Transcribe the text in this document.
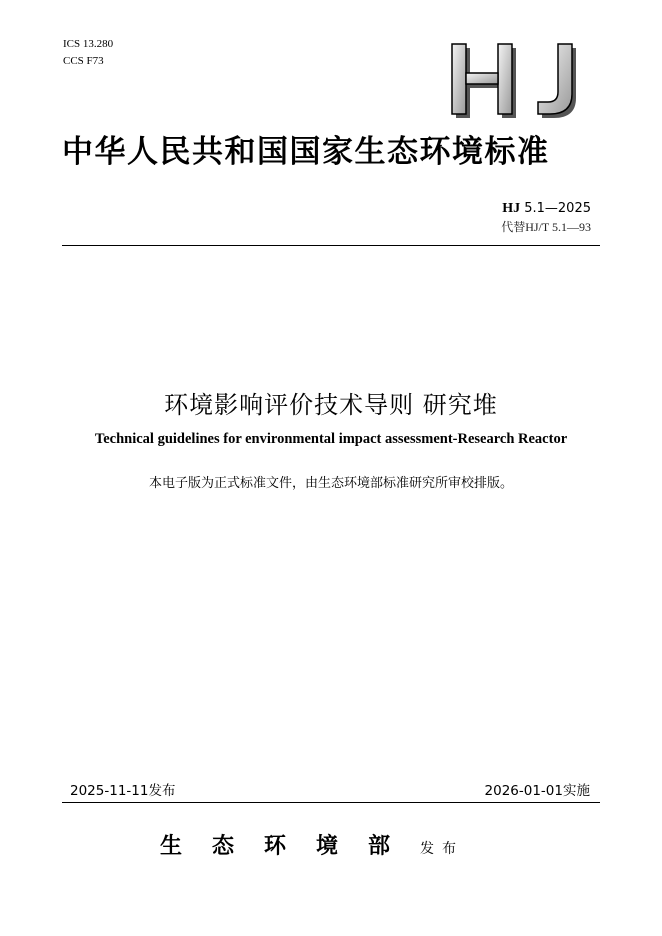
ICS 13.280
CCS F73
中华人民共和国国家生态环境标准
HJ 5.1—2025
代替HJ/T 5.1—93
环境影响评价技术导则 研究堆
Technical guidelines for environmental impact assessment-Research Reactor
本电子版为正式标准文件，由生态环境部标准研究所审校排版。
2025-11-11发布	2026-01-01实施
生态环境部发布
